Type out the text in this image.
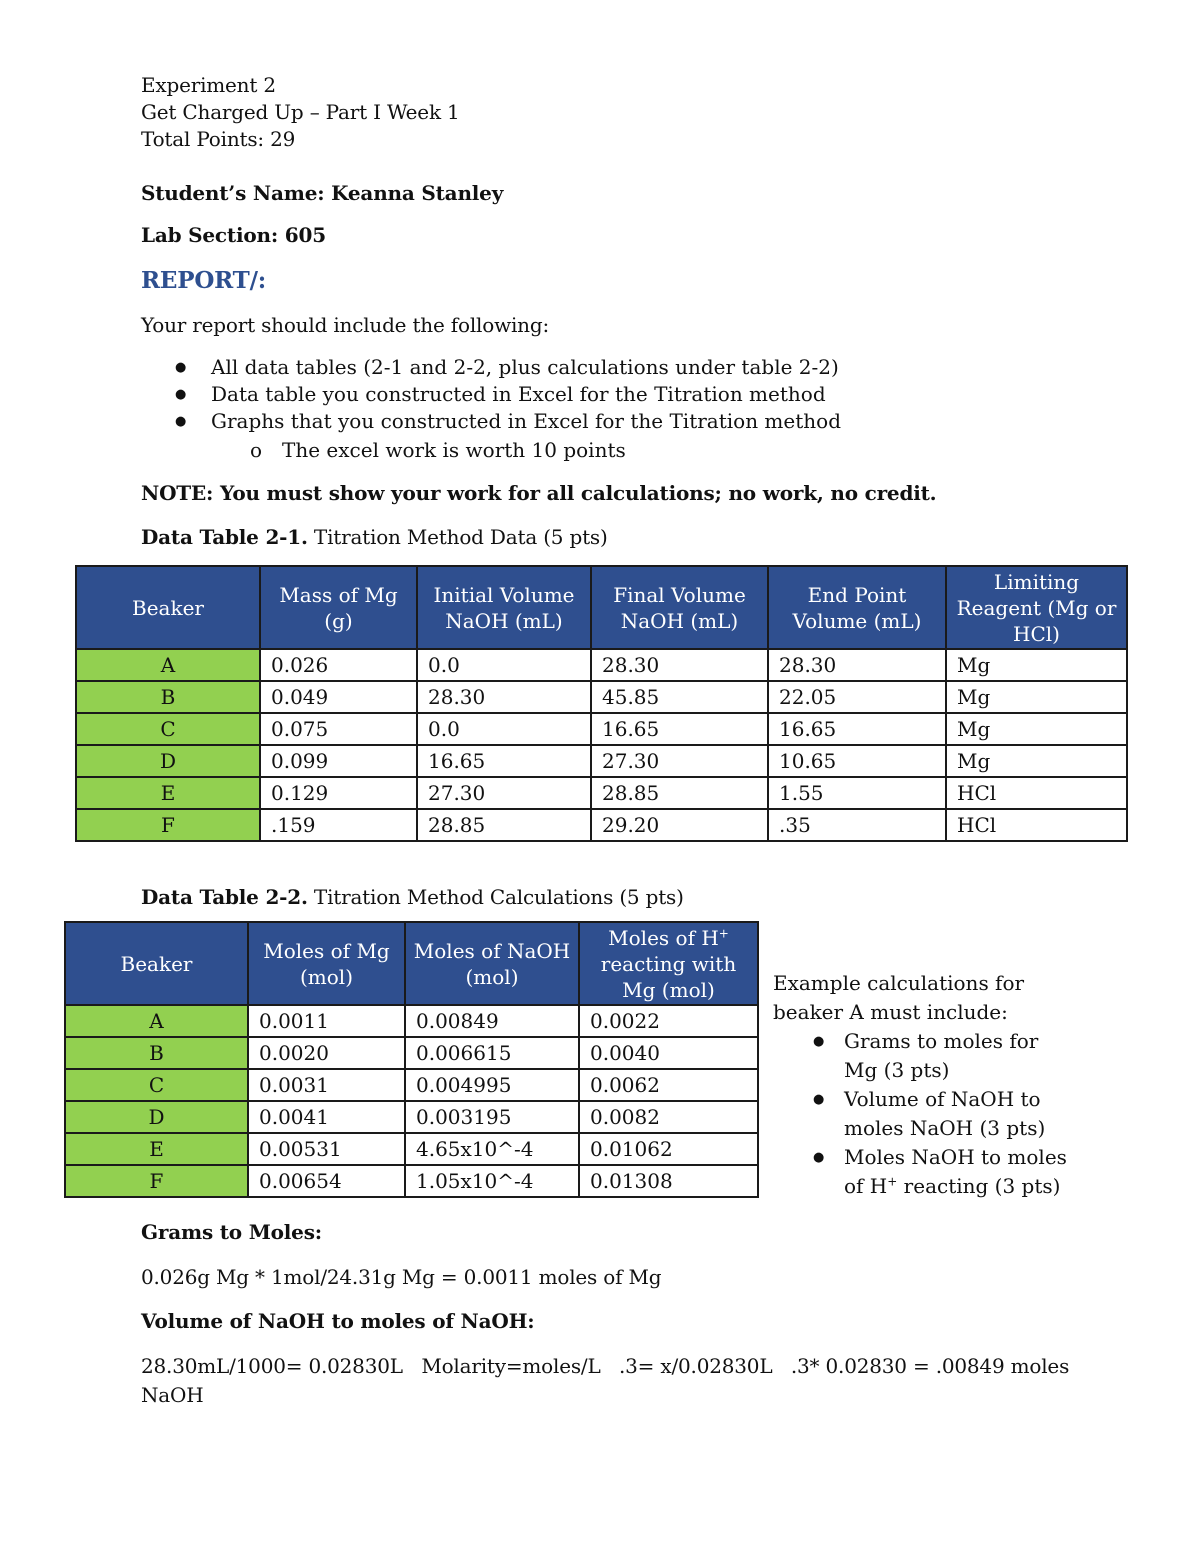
Experiment 2
Get Charged Up – Part I Week 1
Total Points: 29
Student’s Name: Keanna Stanley
Lab Section: 605
REPORT/:
Your report should include the following:
● All data tables (2-1 and 2-2, plus calculations under table 2-2)
● Data table you constructed in Excel for the Titration method
● Graphs that you constructed in Excel for the Titration method
o The excel work is worth 10 points
NOTE: You must show your work for all calculations; no work, no credit.
Data Table 2-1. Titration Method Data (5 pts)
Beaker	Mass of Mg (g)	Initial Volume NaOH (mL)	Final Volume NaOH (mL)	End Point Volume (mL)	Limiting Reagent (Mg or HCl)
A	0.026	0.0	28.30	28.30	Mg
B	0.049	28.30	45.85	22.05	Mg
C	0.075	0.0	16.65	16.65	Mg
D	0.099	16.65	27.30	10.65	Mg
E	0.129	27.30	28.85	1.55	HCl
F	.159	28.85	29.20	.35	HCl
Data Table 2-2. Titration Method Calculations (5 pts)
Beaker	Moles of Mg (mol)	Moles of NaOH (mol)	Moles of H+ reacting with Mg (mol)
A	0.0011	0.00849	0.0022
B	0.0020	0.006615	0.0040
C	0.0031	0.004995	0.0062
D	0.0041	0.003195	0.0082
E	0.00531	4.65x10^-4	0.01062
F	0.00654	1.05x10^-4	0.01308
Example calculations for beaker A must include:
● Grams to moles for Mg (3 pts)
● Volume of NaOH to moles NaOH (3 pts)
● Moles NaOH to moles of H+ reacting (3 pts)
Grams to Moles:
0.026g Mg * 1mol/24.31g Mg = 0.0011 moles of Mg
Volume of NaOH to moles of NaOH:
28.30mL/1000= 0.02830L   Molarity=moles/L   .3= x/0.02830L   .3* 0.02830 = .00849 moles
NaOH
